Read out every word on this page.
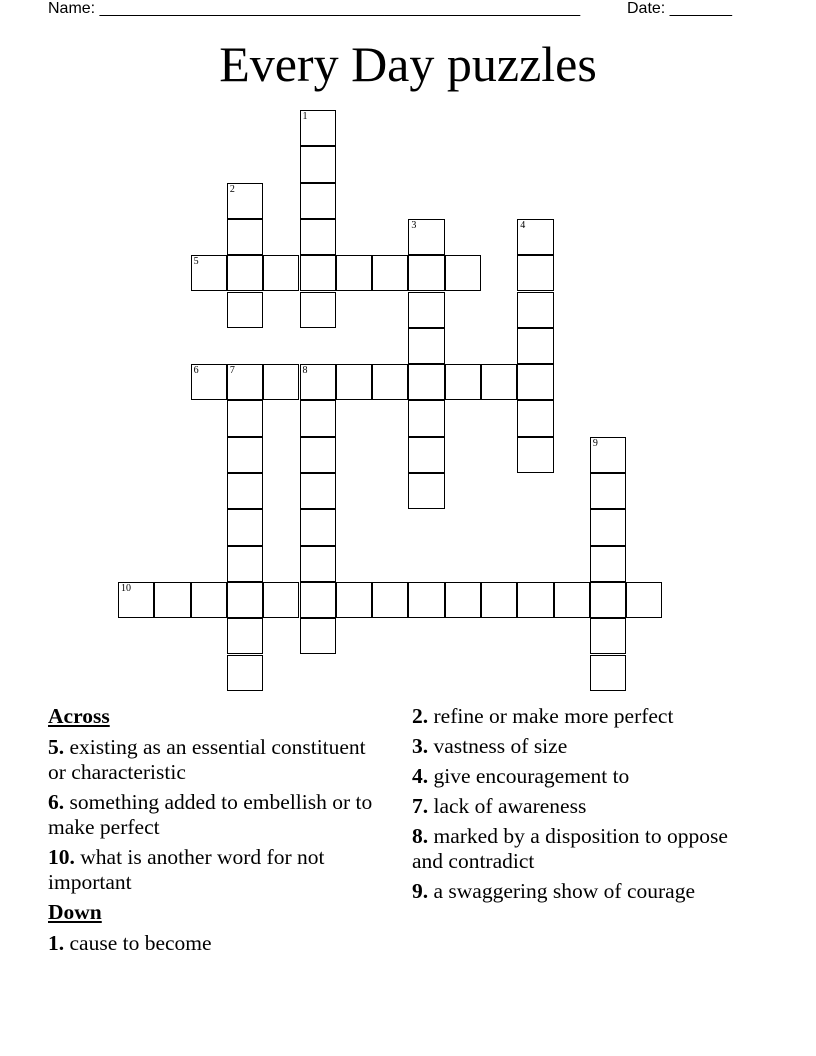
Name: ______________________________________________________	Date: _______
Every Day puzzles
1
2
3	4
5
6	7	8
9
10
Across
5. existing as an essential constituent or characteristic
6. something added to embellish or to make perfect
10. what is another word for not important
Down
1. cause to become
2. refine or make more perfect
3. vastness of size
4. give encouragement to
7. lack of awareness
8. marked by a disposition to oppose and contradict
9. a swaggering show of courage
